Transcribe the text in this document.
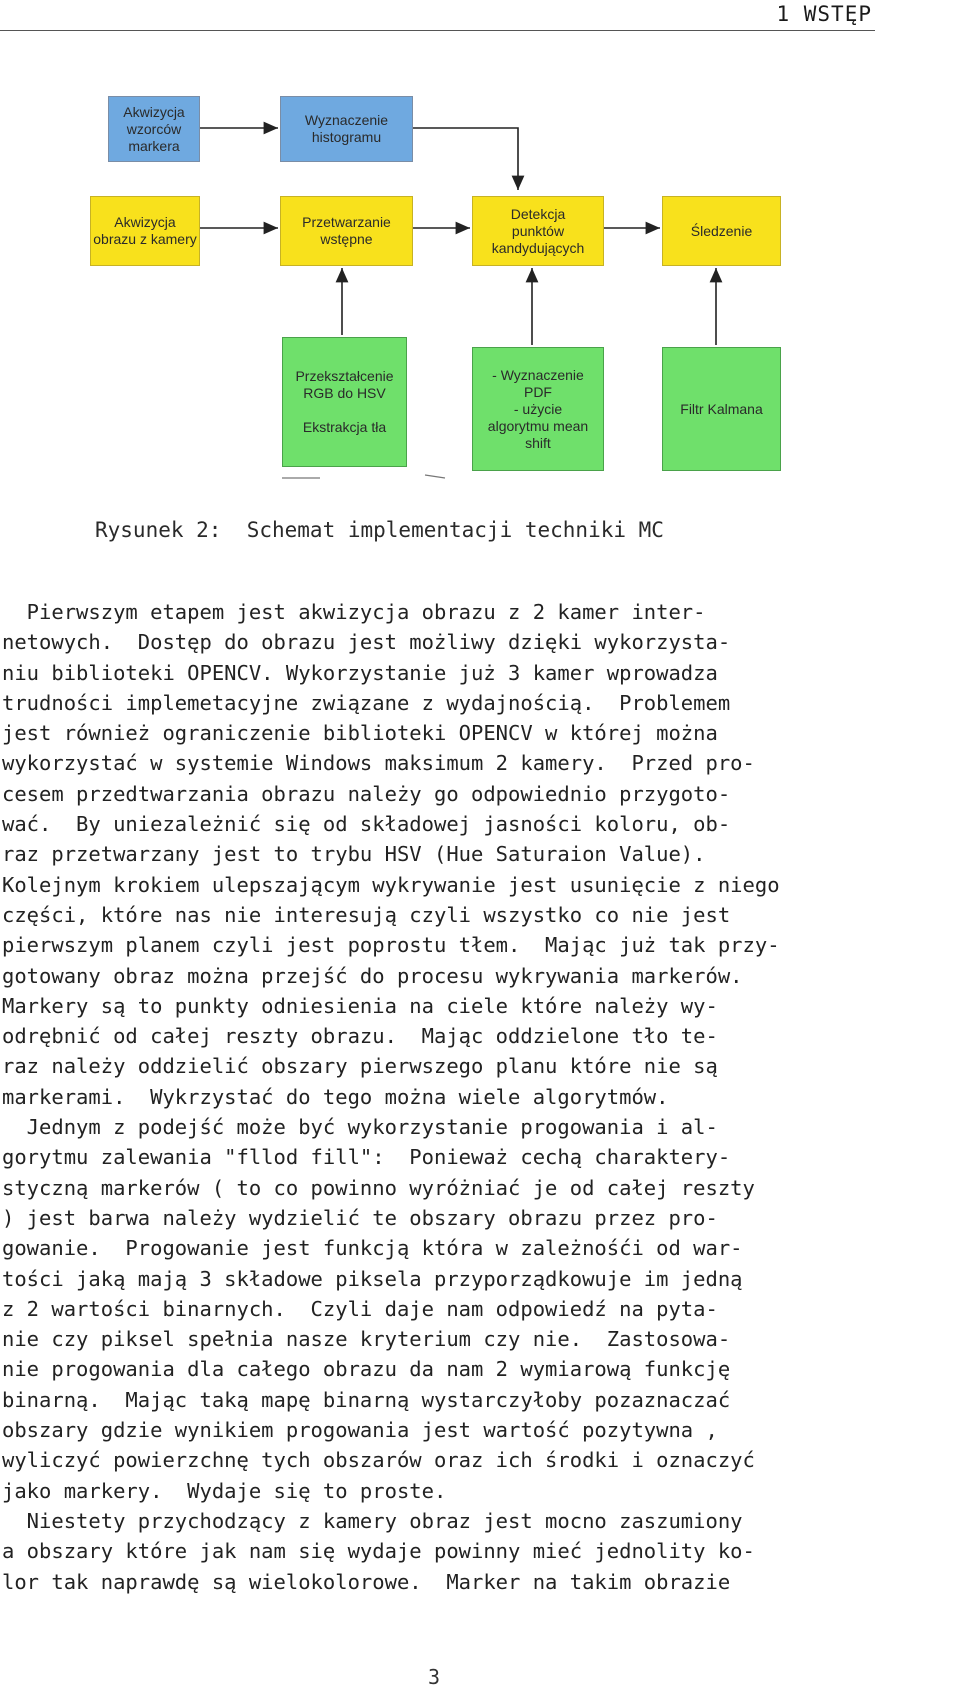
1 WSTĘP
Akwizycja
wzorców
markera
Wyznaczenie
histogramu
Akwizycja
obrazu z kamery
Przetwarzanie
wstępne
Detekcja
punktów
kandydujących
Śledzenie
Przekształcenie
RGB do HSV

Ekstrakcja tła
- Wyznaczenie
PDF
- użycie
algorytmu mean
shift
Filtr Kalmana
Rysunek 2:  Schemat implementacji techniki MC
Pierwszym etapem jest akwizycja obrazu z 2 kamer inter-
netowych.  Dostęp do obrazu jest możliwy dzięki wykorzysta-
niu biblioteki OPENCV. Wykorzystanie już 3 kamer wprowadza
trudności implemetacyjne związane z wydajnością.  Problemem
jest również ograniczenie biblioteki OPENCV w której można
wykorzystać w systemie Windows maksimum 2 kamery.  Przed pro-
cesem przedtwarzania obrazu należy go odpowiednio przygoto-
wać.  By uniezależnić się od składowej jasności koloru, ob-
raz przetwarzany jest to trybu HSV (Hue Saturaion Value).
Kolejnym krokiem ulepszającym wykrywanie jest usunięcie z niego
części, które nas nie interesują czyli wszystko co nie jest
pierwszym planem czyli jest poprostu tłem.  Mając już tak przy-
gotowany obraz można przejść do procesu wykrywania markerów.
Markery są to punkty odniesienia na ciele które należy wy-
odrębnić od całej reszty obrazu.  Mając oddzielone tło te-
raz należy oddzielić obszary pierwszego planu które nie są
markerami.  Wykrzystać do tego można wiele algorytmów.
Jednym z podejść może być wykorzystanie progowania i al-
gorytmu zalewania "fllod fill":  Ponieważ cechą charaktery-
styczną markerów ( to co powinno wyróżniać je od całej reszty
) jest barwa należy wydzielić te obszary obrazu przez pro-
gowanie.  Progowanie jest funkcją która w zależnośći od war-
tości jaką mają 3 składowe piksela przyporządkowuje im jedną
z 2 wartości binarnych.  Czyli daje nam odpowiedź na pyta-
nie czy piksel spełnia nasze kryterium czy nie.  Zastosowa-
nie progowania dla całego obrazu da nam 2 wymiarową funkcję
binarną.  Mając taką mapę binarną wystarczyłoby pozaznaczać
obszary gdzie wynikiem progowania jest wartość pozytywna ,
wyliczyć powierzchnę tych obszarów oraz ich środki i oznaczyć
jako markery.  Wydaje się to proste.
Niestety przychodzący z kamery obraz jest mocno zaszumiony
a obszary które jak nam się wydaje powinny mieć jednolity ko-
lor tak naprawdę są wielokolorowe.  Marker na takim obrazie
3
